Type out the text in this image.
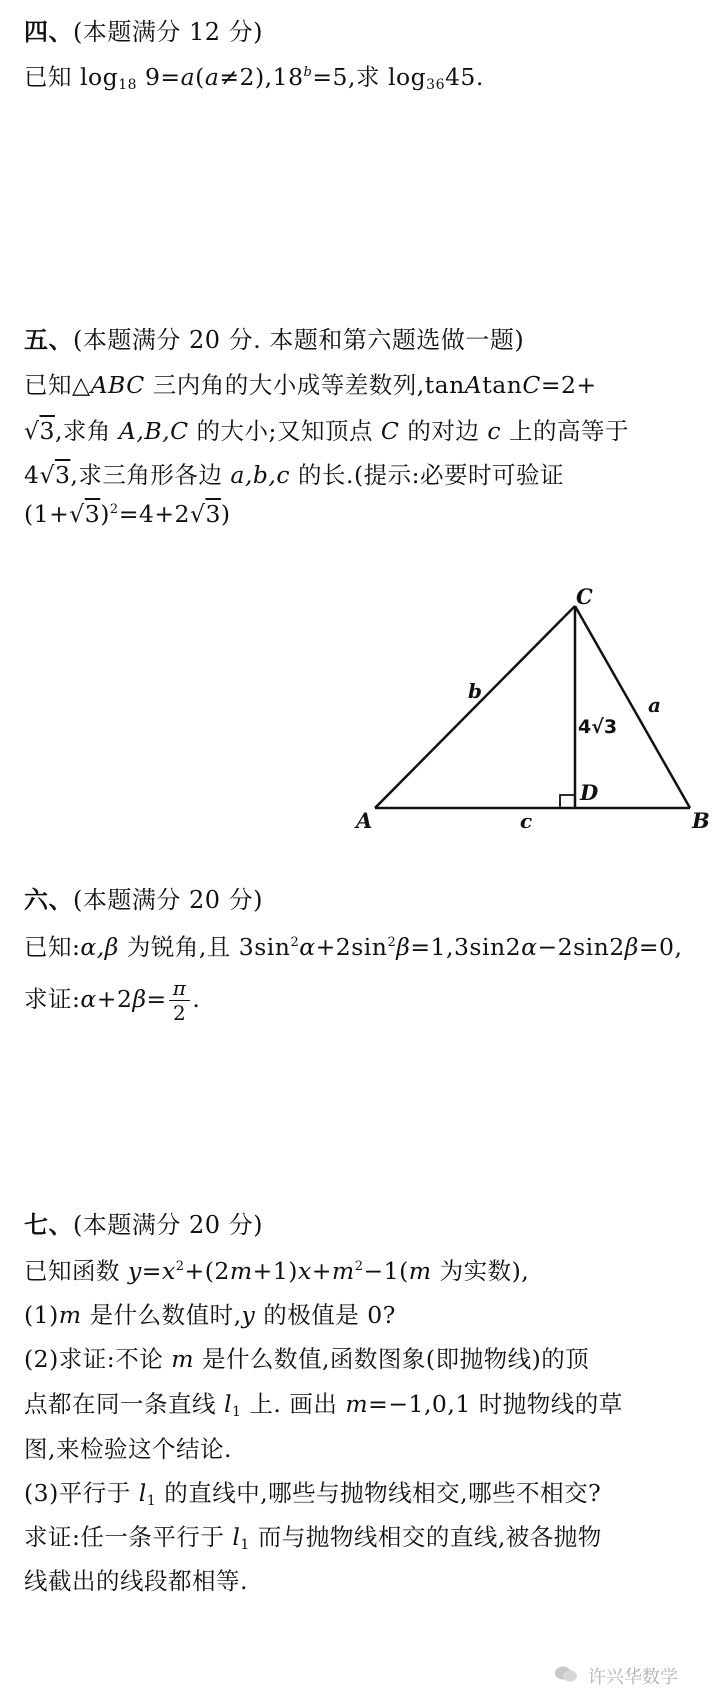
四、(本题满分 12 分)
已知 $\log_{18} 9=a(a\ne 2),18^b=5$,求 $\log_{36}45$.
五、(本题满分 20 分. 本题和第六题选做一题)
已知△ABC 三内角的大小成等差数列,tanAtanC=2+
√3,求角 A,B,C 的大小;又知顶点 C 的对边 c 上的高等于
4√3,求三角形各边 a,b,c 的长.(提示:必要时可验证
$(1+√3)^2=4+2√3$)
C
A	B
D
b
a
c
4√3
六、(本题满分 20 分)
已知:α,β 为锐角,且 $3\sin^2\alpha+2\sin^2\beta=1,3\sin 2\alpha-2\sin 2\beta=0$,
求证:α+2β= $\frac{\pi}{2}$ .
七、(本题满分 20 分)
已知函数 $y=x^2+(2m+1)x+m^2-1(m$ 为实数),
(1)m 是什么数值时,y 的极值是 0?
(2)求证:不论 m 是什么数值,函数图象(即抛物线)的顶
点都在同一条直线 $l_1$ 上. 画出 m=−1,0,1 时抛物线的草
图,来检验这个结论.
(3)平行于 $l_1$ 的直线中,哪些与抛物线相交,哪些不相交?
求证:任一条平行于 $l_1$ 而与抛物线相交的直线,被各抛物
线截出的线段都相等.
许兴华数学
